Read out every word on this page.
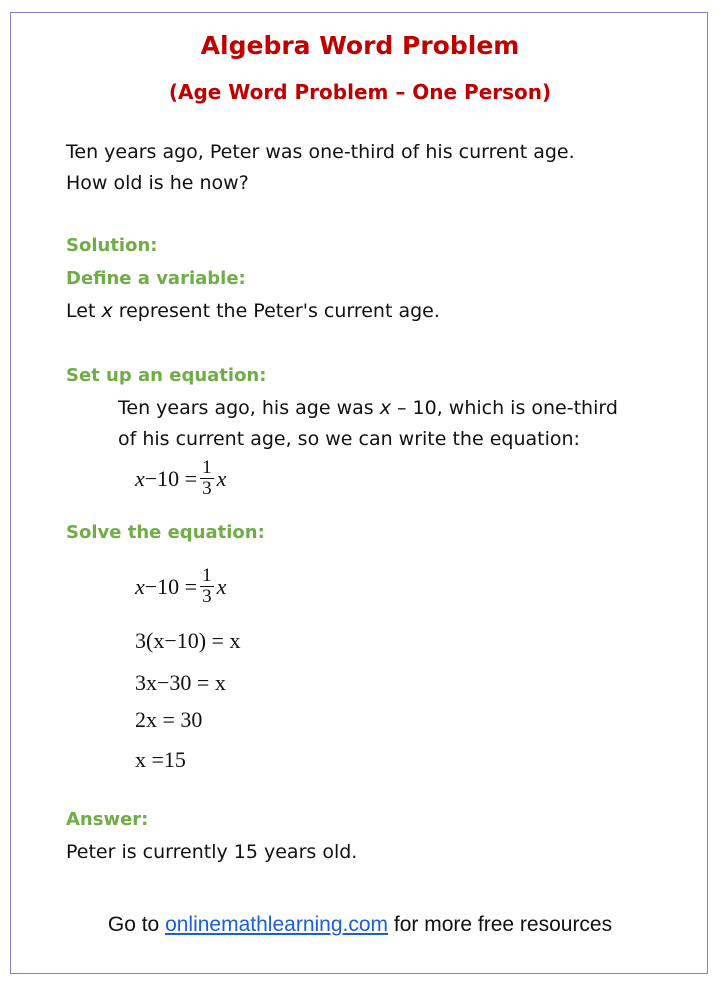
Algebra Word Problem
(Age Word Problem – One Person)
Ten years ago, Peter was one-third of his current age.
How old is he now?
Solution:
Define a variable:
Let x represent the Peter's current age.
Set up an equation:
Ten years ago, his age was x – 10, which is one-third
of his current age, so we can write the equation:
$x -10 = \frac{1}{3}$ x
Solve the equation:
$x -10 = \frac{1}{3}$ x
3(x−10) = x
3x−30 = x
2x = 30
x =15
Answer:
Peter is currently 15 years old.
Go to onlinemathlearning.com for more free resources
